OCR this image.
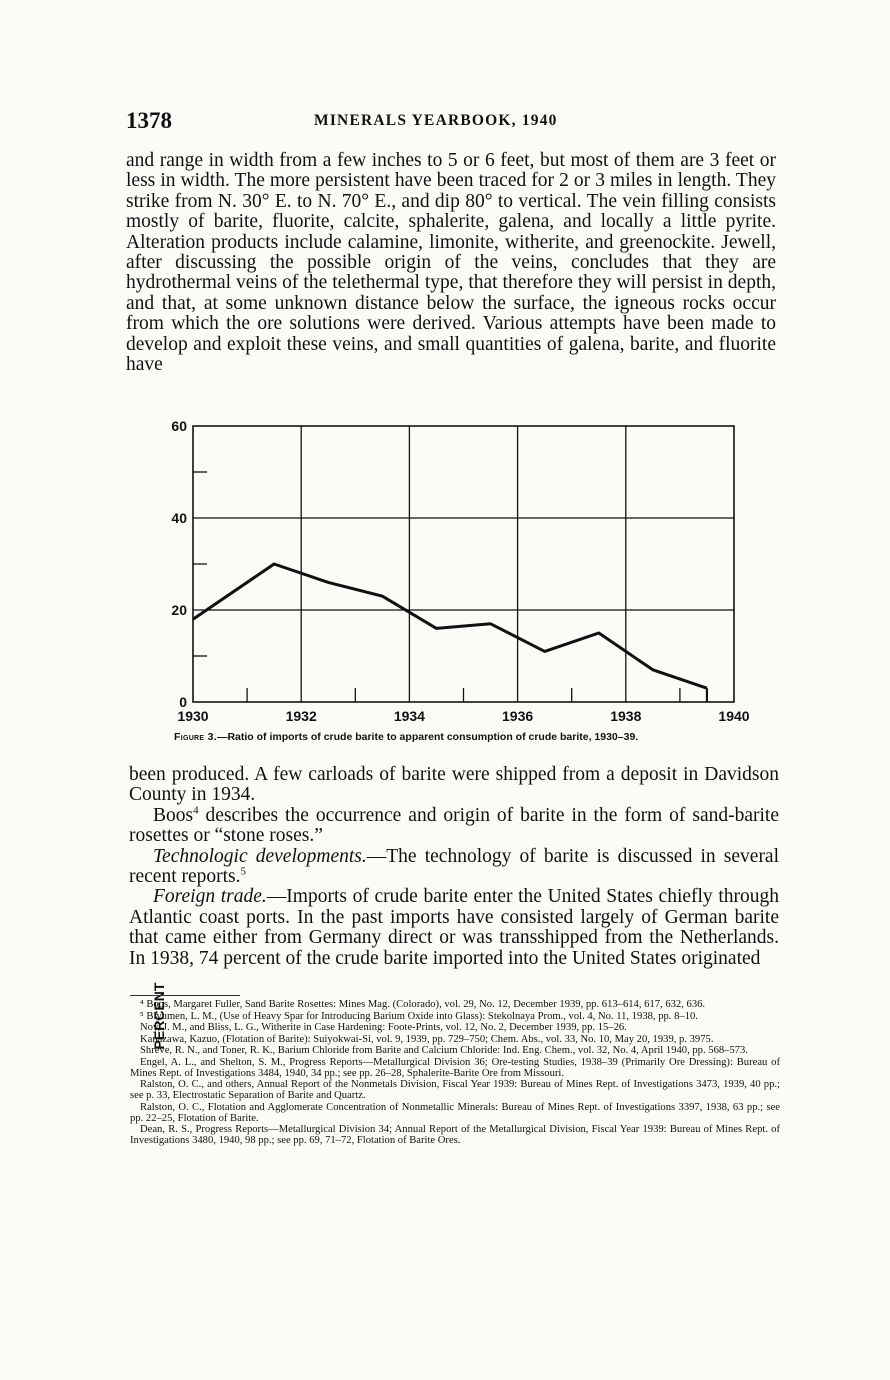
1378	MINERALS YEARBOOK, 1940

and range in width from a few inches to 5 or 6 feet, but most of them are 3 feet or less in width. The more persistent have been traced for 2 or 3 miles in length. They strike from N. 30° E. to N. 70° E., and dip 80° to vertical. The vein filling consists mostly of barite, fluorite, calcite, sphalerite, galena, and locally a little pyrite. Alteration products include calamine, limonite, witherite, and greenockite. Jewell, after discussing the possible origin of the veins, concludes that they are hydrothermal veins of the telethermal type, that therefore they will persist in depth, and that, at some unknown distance below the surface, the igneous rocks occur from which the ore solutions were derived. Various attempts have been made to develop and exploit these veins, and small quantities of galena, barite, and fluorite have

1930	1932	1934	1936	1938	1940
0
20
40
60
PERCENT
Figure 3.—Ratio of imports of crude barite to apparent consumption of crude barite, 1930–39.

been produced. A few carloads of barite were shipped from a deposit in Davidson County in 1934.

Boos$^4$ describes the occurrence and origin of barite in the form of sand-barite rosettes or “stone roses.”

Technologic developments.—The technology of barite is discussed in several recent reports.$^5$

Foreign trade.—Imports of crude barite enter the United States chiefly through Atlantic coast ports. In the past imports have consisted largely of German barite that came either from Germany direct or was transshipped from the Netherlands. In 1938, 74 percent of the crude barite imported into the United States originated

⁴ Boos, Margaret Fuller, Sand Barite Rosettes: Mines Mag. (Colorado), vol. 29, No. 12, December 1939, pp. 613–614, 617, 632, 636.

⁵ Blyumen, L. M., (Use of Heavy Spar for Introducing Barium Oxide into Glass): Stekolnaya Prom., vol. 4, No. 11, 1938, pp. 8–10.

Noy, J. M., and Bliss, L. G., Witherite in Case Hardening: Foote-Prints, vol. 12, No. 2, December 1939, pp. 15–26.

Kanazawa, Kazuo, (Flotation of Barite): Suiyokwai-Si, vol. 9, 1939, pp. 729–750; Chem. Abs., vol. 33, No. 10, May 20, 1939, p. 3975.

Shreve, R. N., and Toner, R. K., Barium Chloride from Barite and Calcium Chloride: Ind. Eng. Chem., vol. 32, No. 4, April 1940, pp. 568–573.

Engel, A. L., and Shelton, S. M., Progress Reports—Metallurgical Division 36; Ore-testing Studies, 1938–39 (Primarily Ore Dressing): Bureau of Mines Rept. of Investigations 3484, 1940, 34 pp.; see pp. 26–28, Sphalerite-Barite Ore from Missouri.

Ralston, O. C., and others, Annual Report of the Nonmetals Division, Fiscal Year 1939: Bureau of Mines Rept. of Investigations 3473, 1939, 40 pp.; see p. 33, Electrostatic Separation of Barite and Quartz.

Ralston, O. C., Flotation and Agglomerate Concentration of Nonmetallic Minerals: Bureau of Mines Rept. of Investigations 3397, 1938, 63 pp.; see pp. 22–25, Flotation of Barite.

Dean, R. S., Progress Reports—Metallurgical Division 34; Annual Report of the Metallurgical Division, Fiscal Year 1939: Bureau of Mines Rept. of Investigations 3480, 1940, 98 pp.; see pp. 69, 71–72, Flotation of Barite Ores.
